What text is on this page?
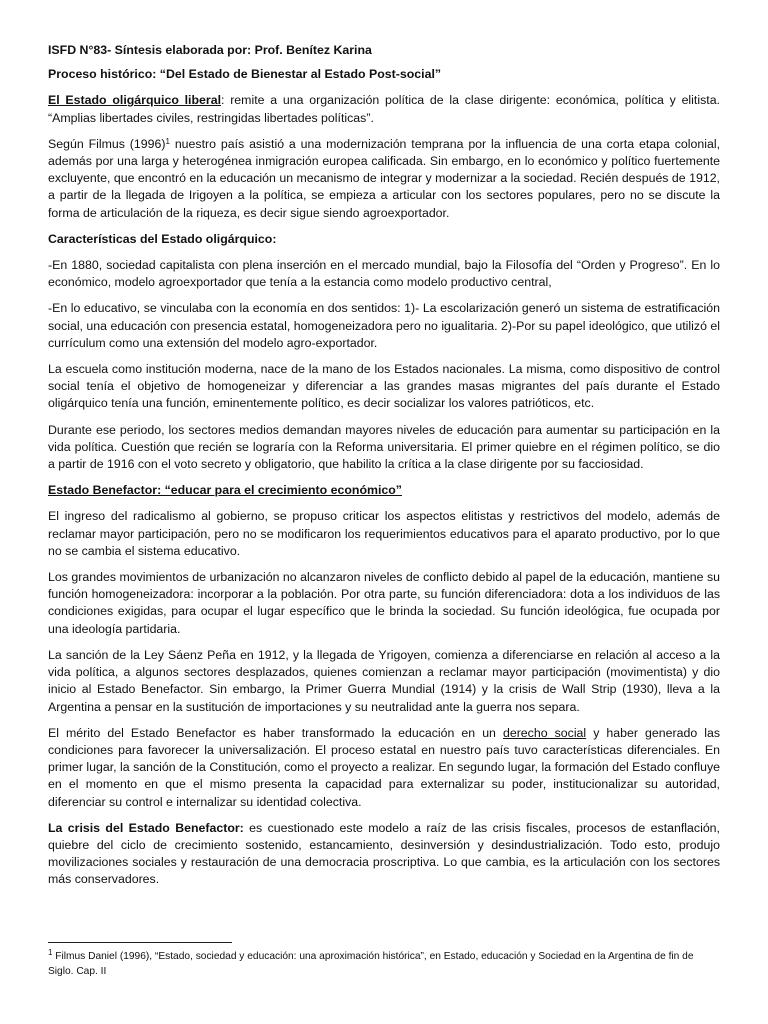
ISFD N°83- Síntesis elaborada por: Prof. Benítez Karina

Proceso histórico: “Del Estado de Bienestar al Estado Post-social”

El Estado oligárquico liberal: remite a una organización política de la clase dirigente: económica, política y elitista. “Amplias libertades civiles, restringidas libertades políticas”.

Según Filmus $(1996)^1$ nuestro país asistió a una modernización temprana por la influencia de una corta etapa colonial, además por una larga y heterogénea inmigración europea calificada. Sin embargo, en lo económico y político fuertemente excluyente, que encontró en la educación un mecanismo de integrar y modernizar a la sociedad. Recién después de 1912, a partir de la llegada de Irigoyen a la política, se empieza a articular con los sectores populares, pero no se discute la forma de articulación de la riqueza, es decir sigue siendo agroexportador.

Características del Estado oligárquico:

-En 1880, sociedad capitalista con plena inserción en el mercado mundial, bajo la Filosofía del “Orden y Progreso”. En lo económico, modelo agroexportador que tenía a la estancia como modelo productivo central,

-En lo educativo, se vinculaba con la economía en dos sentidos: 1)- La escolarización generó un sistema de estratificación social, una educación con presencia estatal, homogeneizadora pero no igualitaria. 2)-Por su papel ideológico, que utilizó el currículum como una extensión del modelo agro-exportador.

La escuela como institución moderna, nace de la mano de los Estados nacionales. La misma, como dispositivo de control social tenía el objetivo de homogeneizar y diferenciar a las grandes masas migrantes del país durante el Estado oligárquico tenía una función, eminentemente político, es decir socializar los valores patrióticos, etc.

Durante ese periodo, los sectores medios demandan mayores niveles de educación para aumentar su participación en la vida política. Cuestión que recién se lograría con la Reforma universitaria. El primer quiebre en el régimen político, se dio a partir de 1916 con el voto secreto y obligatorio, que habilito la crítica a la clase dirigente por su facciosidad.

Estado Benefactor: “educar para el crecimiento económico”

El ingreso del radicalismo al gobierno, se propuso criticar los aspectos elitistas y restrictivos del modelo, además de reclamar mayor participación, pero no se modificaron los requerimientos educativos para el aparato productivo, por lo que no se cambia el sistema educativo.

Los grandes movimientos de urbanización no alcanzaron niveles de conflicto debido al papel de la educación, mantiene su función homogeneizadora: incorporar a la población. Por otra parte, su función diferenciadora: dota a los individuos de las condiciones exigidas, para ocupar el lugar específico que le brinda la sociedad. Su función ideológica, fue ocupada por una ideología partidaria.

La sanción de la Ley Sáenz Peña en 1912, y la llegada de Yrigoyen, comienza a diferenciarse en relación al acceso a la vida política, a algunos sectores desplazados, quienes comienzan a reclamar mayor participación (movimentista) y dio inicio al Estado Benefactor. Sin embargo, la Primer Guerra Mundial (1914) y la crisis de Wall Strip (1930), lleva a la Argentina a pensar en la sustitución de importaciones y su neutralidad ante la guerra nos separa.

El mérito del Estado Benefactor es haber transformado la educación en un derecho social y haber generado las condiciones para favorecer la universalización. El proceso estatal en nuestro país tuvo características diferenciales. En primer lugar, la sanción de la Constitución, como el proyecto a realizar. En segundo lugar, la formación del Estado confluye en el momento en que el mismo presenta la capacidad para externalizar su poder, institucionalizar su autoridad, diferenciar su control e internalizar su identidad colectiva.

La crisis del Estado Benefactor: es cuestionado este modelo a raíz de las crisis fiscales, procesos de estanflación, quiebre del ciclo de crecimiento sostenido, estancamiento, desinversión y desindustrialización. Todo esto, produjo movilizaciones sociales y restauración de una democracia proscriptiva. Lo que cambia, es la articulación con los sectores más conservadores.

$^1$ Filmus Daniel (1996), “Estado, sociedad y educación: una aproximación histórica”, en Estado, educación y Sociedad en la Argentina de fin de Siglo. Cap. II
